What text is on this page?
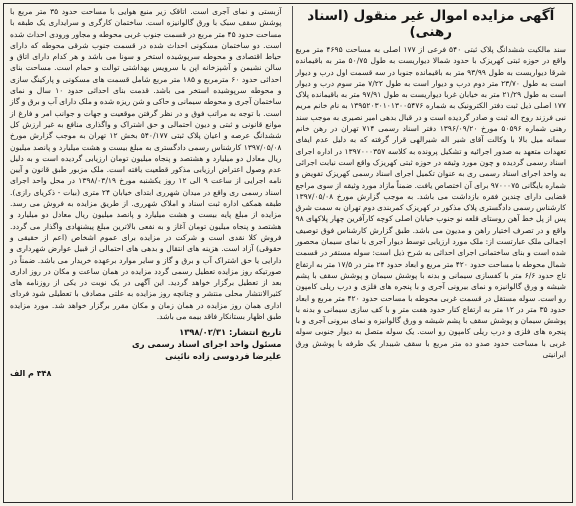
آگهی مزایده اموال غیر منقول (اسناد رهنی)

سند مالکیت ششدانگ پلاک ثبتی ۵۴۰ فرعی از ۱۷۷ اصلی به مساحت ۴۶۹۵ متر مربع واقع در حوزه ثبتی کهریزک با حدود شمالا دیواریست به طول ۵۰/۷۵ متر به باقیمانده شرقا دیواریست به طول ۹۳/۹۹ متر به باقیمانده جنوبا در سه قسمت اول درب و دیوار است به طول ۲۳/۷۰ متر دوم درب و دیوار است به طول ۷/۲۲ متر سوم درب و دیوار است به طول ۲۱/۲۹ متر به خیابان غربا دیواریست به طول ۹۷/۹۱ متر به باقیمانده پلاک ۱۷۷ اصلی ذیل ثبت دفتر الکترونیک به شماره ۱۳۹۵۲۰۳۰۱۰۱۳۰۰۵۴۷۶ به نام خانم مریم نبی فرزند روح اله ثبت و صادر گردیده است و در قبال بدهی امیر نصیری به موجب سند رهنی شماره ۵۰۵۹۶ مورخ ۱۳۹۶/۰۹/۲۰ دفتر اسناد رسمی ۷۱۴ تهران در رهن خانم سمانه میل بالا با وکالت آقای شیر اله شیرالهی قرار گرفته که به دلیل عدم ایفای تعهدات متعهد به صدور اجرائیه و تشکیل پرونده به کلاسه ۱۳۹۷۰۰۰۳۵۷ در اداره اجرای اسناد رسمی گردیده و چون مورد وثیقه در حوزه ثبتی کهریزک واقع است نیابت اجرائی به واحد اجرای اسناد رسمی ری به عنوان تکمیل اجرای اسناد رسمی کهریزک تفویض و شماره بایگانی ۹۷۰۰۰۷۵ برای آن اختصاص یافت. ضمناً مازاد مورد وثیقه از سوی مراجع قضایی دارای چندین فقره بازداشت می باشد. به موجب گزارش مورخ ۱۳۹۷/۰۵/۰۸ کارشناس رسمی دادگستری پلاک مذکور در کهریزک کمربندی دوم تهران به سمت شرق پس از پل خط آهن روستای قلعه نو جنوب خیابان اصلی کوچه کارآفرین چهار پلاکهای ۹۸ واقع و در تصرف اختیار راهن و مدیون می باشد. طبق گزارش کارشناس فوق توصیف اجمالی ملک عبارتست از: ملک مورد ارزیابی توسط دیوار آجری با نمای سیمان محصور شده است و بنای ساختمانی اجرای احداثی به شرح ذیل است: سوله مستقر در قسمت شمال محوطه با مساحت حدود ۴۲۰ متر مربع و ابعاد حدود ۲۴ متر در ۱۷/۵ متر به ارتفاع تاج حدود ۶/۶ متر با کفسازی سیمانی و بدنه با پوشش سیمان و پوشش سقف با پشم شیشه و ورق گالوانیزه و نمای بیرونی آجری و با پنجره های فلزی و درب ریلی کامپون رو است. سوله مستقل در قسمت غربی محوطه با مساحت حدود ۴۲۰ متر مربع و ابعاد حدود ۳۵ متر در ۱۲ متر به ارتفاع کنار حدود هفت متر و با کف سازی سیمانی و بدنه با پوشش سیمان و پوشش سقف با پشم شیشه و ورق گالوانیزه و نمای بیرونی آجری و با پنجره های فلزی و درب ریلی کامپون رو است. یک سوله متصل به دیوار جنوبی سوله غربی با مساحت حدود صدو ده متر مربع با سقف شیبدار یک طرفه با پوشش ورق ایرانیتی

آزبستی و نمای آجری است. اتاقک زیر منبع هوایی با مساحت حدود ۳۵ متر مربع با پوشش سقف سبک با ورق گالوانیزه است. ساختمان کارگری و سرایداری یک طبقه با مساحت حدود ۴۵ متر مربع در قسمت جنوب غربی محوطه و مجاور ورودی احداث شده است. دو ساختمان مسکونی احداث شده در قسمت جنوب شرقی محوطه که دارای حیاط اقتصادی و محوطه سرپوشیده استخر و سونا می باشد و هر کدام دارای اتاق و سالن نشیمن و آشپزخانه اپن با سرویس بهداشتی توالت و حمام است. مساحت بنای احداثی حدود ۶۰ مترمربع و ۱۸۵ متر مربع شامل قسمت های مسکونی و پارکینگ سازی و محوطه سرپوشیده استخر می باشد. قدمت بنای احداثی حدود ۱۰ سال و نمای ساختمان آجری و محوطه سیمانی و حاکی و شن ریزه شده و ملک دارای آب و برق و گاز است. با توجه به مراتب فوق و در نظر گرفتن موقعیت و جهات و جوانب امر و فارغ از موانع قانونی و ثبتی و دیون احتمالی و حق اشتراک و واگذاری منافع به غیر ارزش کل ششدانگ عرصه و اعیان پلاک ثبتی ۵۴۰/۱۷۷ بخش ۱۲ تهران به موجب گزارش مورخ ۱۳۹۷/۰۵/۰۸ کارشناس رسمی دادگستری به مبلغ بیست و هشت میلیارد و پانصد میلیون ریال معادل دو میلیارد و هشتصد و پنجاه میلیون تومان ارزیابی گردیده است و به دلیل عدم وصول اعتراض ارزیابی مذکور قطعیت یافته است. ملک مزبور طبق قانون و آیین نامه اجرایی از ساعت ۹ الی ۱۲ روز یکشنبه مورخ ۱۳۹۸/۰۳/۱۹ در محل واحد اجرای اسناد رسمی ری واقع در میدان شهرری ابتدای خیابان ۲۴ متری (بیات - ذکریای رازی). طبقه همکف اداره ثبت اسناد و املاک شهرری. از طریق مزایده به فروش می رسد. مزایده از مبلغ پایه بیست و هشت میلیارد و پانصد میلیون ریال معادل دو میلیارد و هشتصد و پنجاه میلیون تومان آغاز و به نفعی بالاترین مبلغ پیشنهادی واگذار می گردد. فروش کلا نقدی است و شرکت در مزایده برای عموم اشخاص (اعم از حقیقی و حقوقی) آزاد است. هزینه های انتقال و بدهی های احتمالی از قبیل عوارض شهرداری و دارایی یا حق اشتراک آب و برق و گاز و سایر موارد برعهده خریدار می باشد. ضمناً در صورتیکه روز مزایده تعطیل رسمی گردد مزایده در همان ساعت و مکان در روز اداری بعد از تعطیل برگزار خواهد گردید. این آگهی در یک نوبت در یکی از روزنامه های کثیرالانتشار محلی منتشر و چنانچه روز مزایده به علتی مصادف با تعطیلی شود فردای اداری همان روز مزایده در همان زمان و مکان مقرر برگزار خواهد شد. مورد مزایده طبق اظهار بستانکار فاقد بیمه می باشد.

تاریخ انتشار: ۱۳۹۸/۰۲/۳۱
مسئول واحد اجرای اسناد رسمی ری
علیرضا فردوسی زاده نائینی
۳۴۸ م الف
